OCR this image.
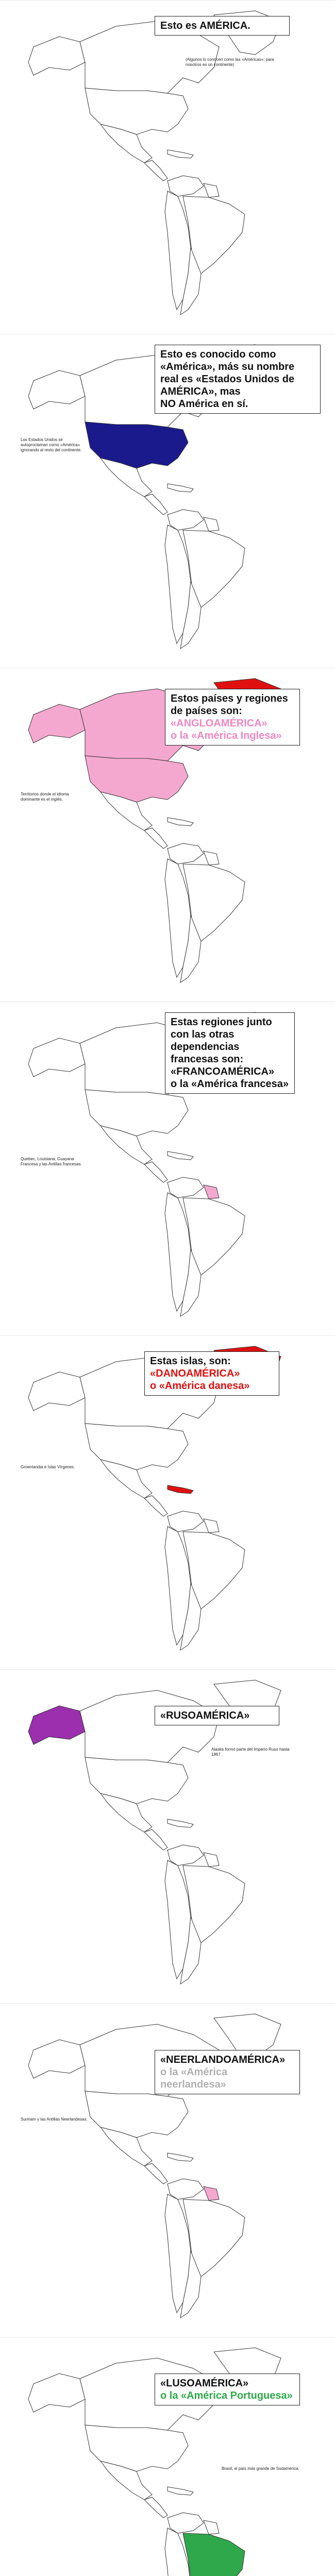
Esto es AMÉRICA.
(Algunos lo conocen como las «Américas»; para nosotros es un continente)
Esto es conocido como «América», más su nombre real es «Estados Unidos de AMÉRICA», mas
NO América en sí.
Los Estados Unidos se autoproclaman como «América» ignorando al resto del continente.
Estos países y regiones de países son:
«ANGLOAMÉRICA»
o la «América Inglesa»
Territorios donde el idioma dominante es el inglés.
Estas regiones junto con las otras dependencias francesas son:
«FRANCOAMÉRICA»
o la «América francesa»
Quebec, Louisiana, Guayana Francesa y las Antillas francesas.
Estas islas, son:
«DANOAMÉRICA»
o «América danesa»
Groenlandia e Islas Vírgenes.
«RUSOAMÉRICA»
Alaska formó parte del Imperio Ruso hasta 1867.
«NEERLANDOAMÉRICA»
o la «América neerlandesa»
Surinam y las Antillas Neerlandesas.
«LUSOAMÉRICA»
o la «América Portuguesa»
Brasil, el país más grande de Sudamérica.
